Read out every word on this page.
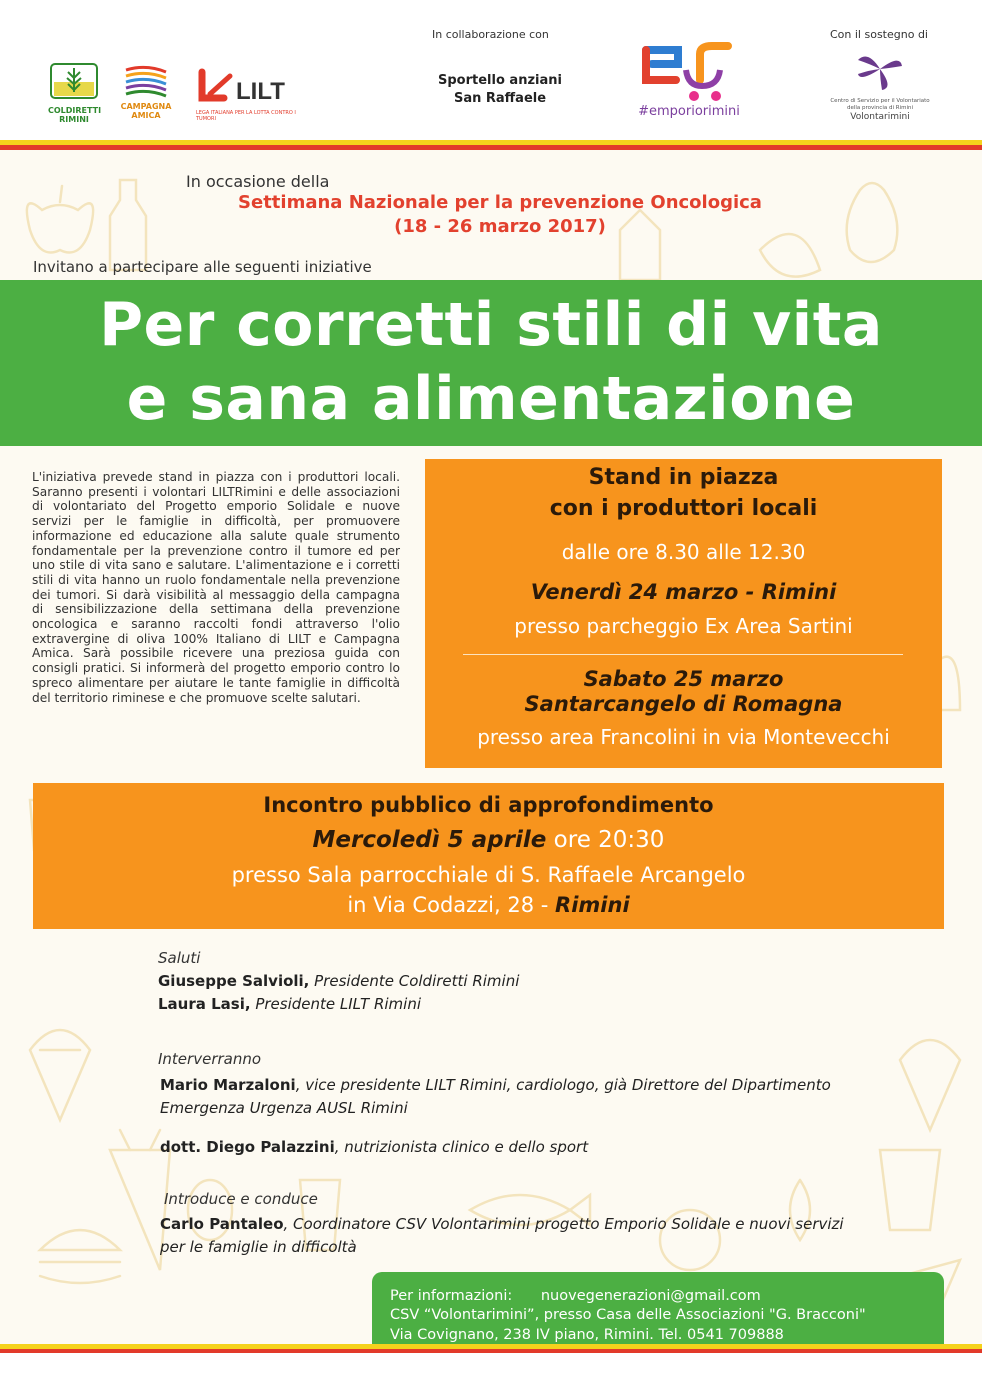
COLDIRETTI
RIMINI
CAMPAGNA
AMICA
LILT
LEGA ITALIANA PER LA LOTTA CONTRO I TUMORI
In collaborazione con
Sportello anziani
San Raffaele
#emporiorimini
Con il sostegno di
Centro di Servizio per il Volontariato
della provincia di Rimini
Volontarimini
In occasione della
Settimana Nazionale per la prevenzione Oncologica
(18 - 26 marzo 2017)
Invitano a partecipare alle seguenti iniziative
Per corretti stili di vita
e sana alimentazione
L'iniziativa prevede stand in piazza con i produttori locali. Saranno presenti i volontari LILTRimini e delle associazioni di volontariato del Progetto emporio Solidale e nuove servizi per le famiglie in difficoltà, per promuovere informazione ed educazione alla salute quale strumento fondamentale per la prevenzione contro il tumore ed per uno stile di vita sano e salutare. L'alimentazione e i corretti stili di vita hanno un ruolo fondamentale nella prevenzione dei tumori. Si darà visibilità al messaggio della campagna di sensibilizzazione della settimana della prevenzione oncologica e saranno raccolti fondi attraverso l'olio extravergine di oliva 100% Italiano di LILT e Campagna Amica. Sarà possibile ricevere una preziosa guida con consigli pratici. Si informerà del progetto emporio contro lo spreco alimentare per aiutare le tante famiglie in difficoltà del territorio riminese e che promuove scelte salutari.
Stand in piazza
con i produttori locali
dalle ore 8.30 alle 12.30
Venerdì 24 marzo - Rimini
presso parcheggio Ex Area Sartini
Sabato 25 marzo
Santarcangelo di Romagna
presso area Francolini in via Montevecchi
Incontro pubblico di approfondimento
Mercoledì 5 aprile ore 20:30
presso Sala parrocchiale di S. Raffaele Arcangelo
in Via Codazzi, 28 - Rimini
Saluti
Giuseppe Salvioli, Presidente Coldiretti Rimini
Laura Lasi, Presidente LILT Rimini
Interverranno
Mario Marzaloni, vice presidente LILT Rimini, cardiologo, già Direttore del Dipartimento
Emergenza Urgenza AUSL Rimini
dott. Diego Palazzini, nutrizionista clinico e dello sport
Introduce e conduce
Carlo Pantaleo, Coordinatore CSV Volontarimini progetto Emporio Solidale e nuovi servizi
per le famiglie in difficoltà
Per informazioni: nuovegenerazioni@gmail.com
CSV “Volontarimini”, presso Casa delle Associazioni "G. Bracconi"
Via Covignano, 238 IV piano, Rimini. Tel. 0541 709888
